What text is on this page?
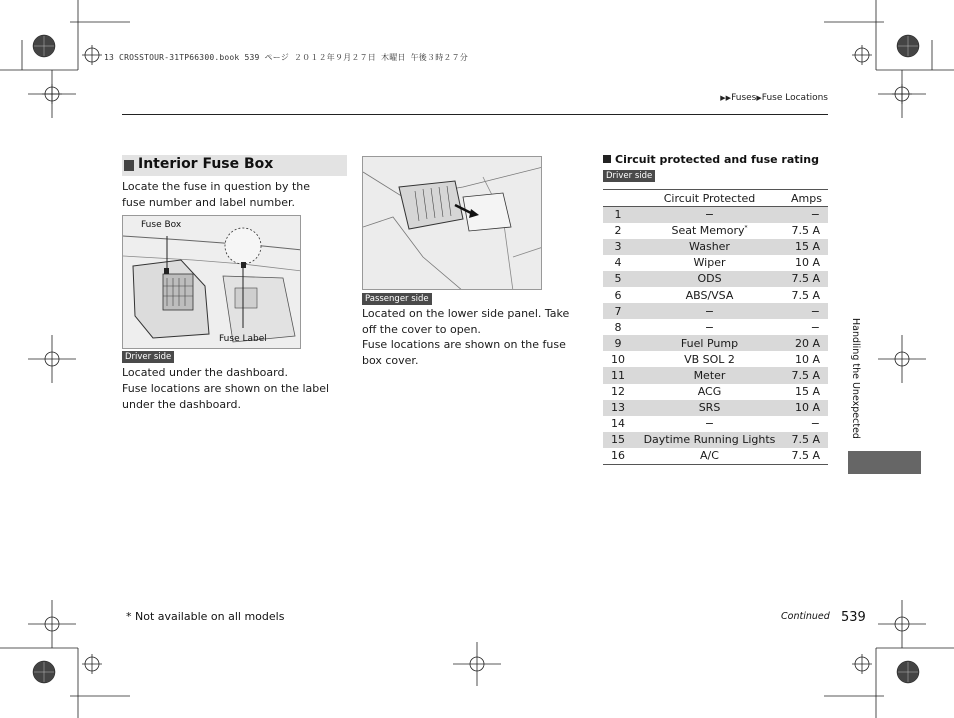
13 CROSSTOUR-31TP66300.book 539 ページ ２０１２年９月２７日 木曜日 午後３時２７分
▶▶Fuses▶Fuse Locations
Interior Fuse Box
Locate the fuse in question by the fuse number and label number.
Fuse Box
Fuse Label
Driver side
Located under the dashboard.
Fuse locations are shown on the label under the dashboard.
Passenger side
Located on the lower side panel. Take off the cover to open.
Fuse locations are shown on the fuse box cover.
Circuit protected and fuse rating
Driver side
	Circuit Protected	Amps
1	−	−
2	Seat Memory*	7.5 A
3	Washer	15 A
4	Wiper	10 A
5	ODS	7.5 A
6	ABS/VSA	7.5 A
7	−	−
8	−	−
9	Fuel Pump	20 A
10	VB SOL 2	10 A
11	Meter	7.5 A
12	ACG	15 A
13	SRS	10 A
14	−	−
15	Daytime Running Lights	7.5 A
16	A/C	7.5 A
Handling the Unexpected
* Not available on all models	Continued 539
